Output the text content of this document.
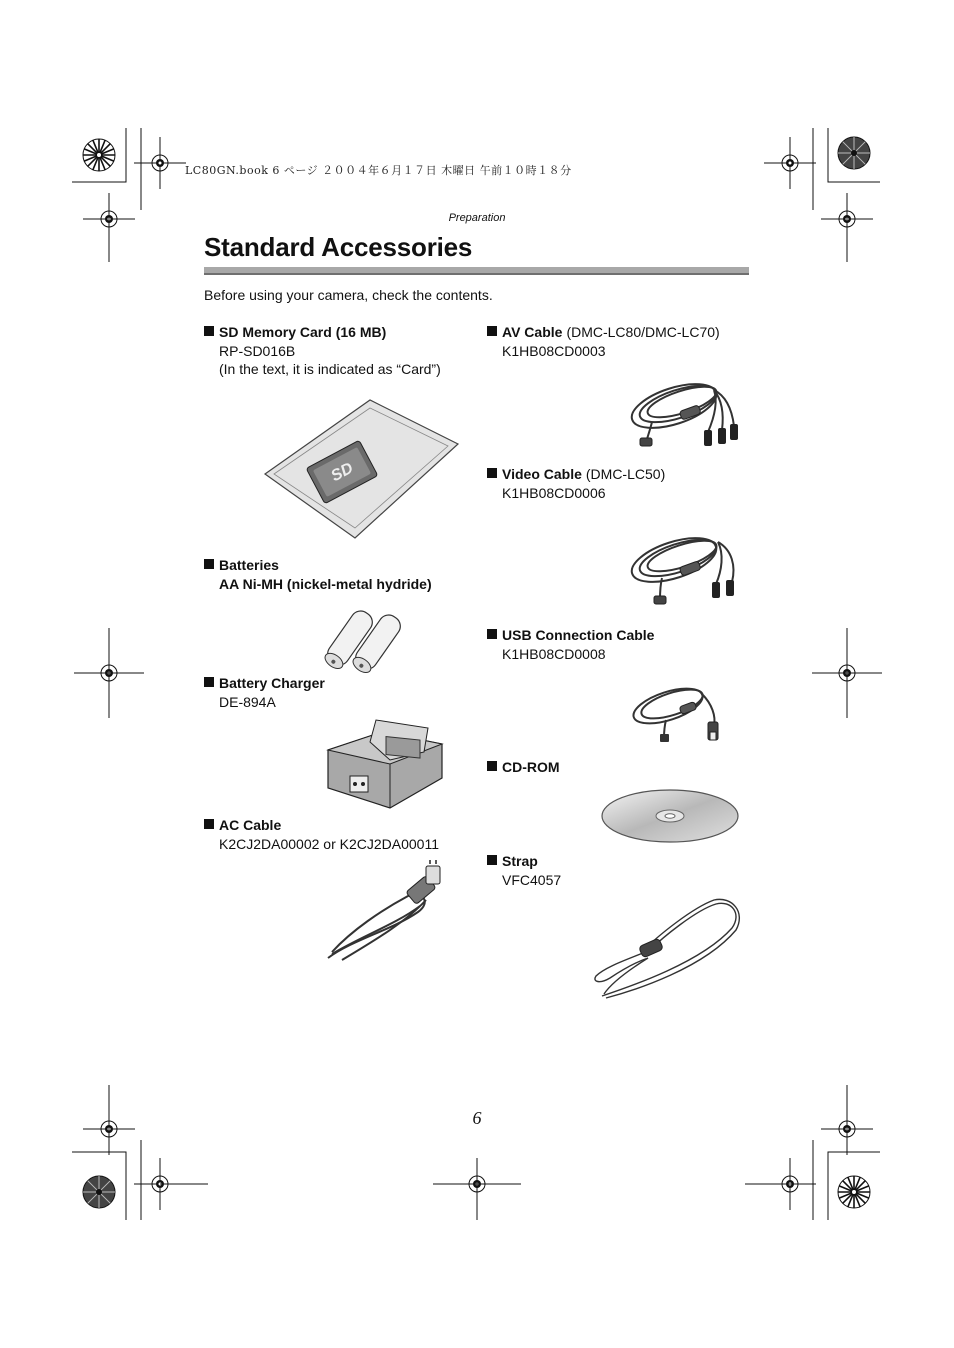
LC80GN.book 6 ページ ２００４年６月１７日 木曜日 午前１０時１８分
Preparation
Standard Accessories
Before using your camera, check the contents.
SD Memory Card (16 MB)
RP-SD016B
(In the text, it is indicated as “Card”)
SD
Batteries
AA Ni-MH (nickel-metal hydride)
Battery Charger
DE-894A
AC Cable
K2CJ2DA00002 or K2CJ2DA00011
AV Cable (DMC-LC80/DMC-LC70)
K1HB08CD0003
Video Cable (DMC-LC50)
K1HB08CD0006
USB Connection Cable
K1HB08CD0008
CD-ROM
Strap
VFC4057
6
